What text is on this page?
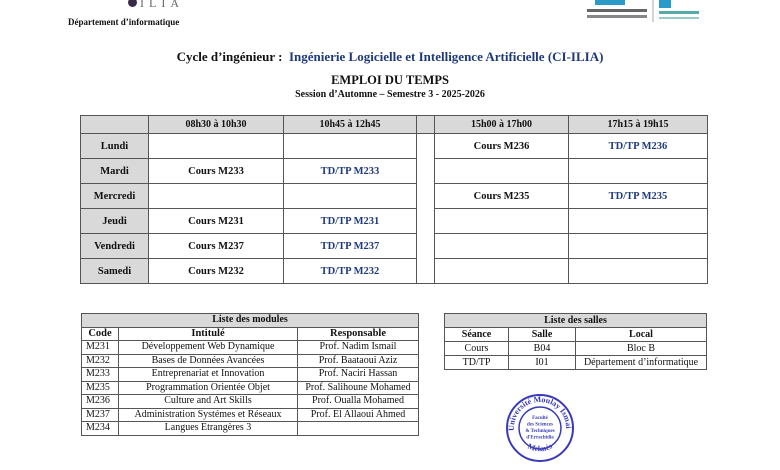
ILIA
Département d’informatique
Cycle d’ingénieur : Ingénierie Logicielle et Intelligence Artificielle (CI-ILIA)
EMPLOI DU TEMPS
Session d’Automne – Semestre 3 - 2025-2026
	08h30 à 10h30	10h45 à 12h45		15h00 à 17h00	17h15 à 19h15
Lundi				Cours M236	TD/TP M236
Mardi	Cours M233	TD/TP M233			
Mercredi				Cours M235	TD/TP M235
Jeudi	Cours M231	TD/TP M231			
Vendredi	Cours M237	TD/TP M237			
Samedi	Cours M232	TD/TP M232			
Liste des modules		
Code	Intitulé	Responsable
M231	Développement Web Dynamique	Prof. Nadim Ismail
M232	Bases de Données Avancées	Prof. Baataoui Aziz
M233	Entreprenariat et Innovation	Prof. Naciri Hassan
M235	Programmation Orientée Objet	Prof. Salihoune Mohamed
M236	Culture and Art Skills	Prof. Oualla Mohamed
M237	Administration Systémes et Réseaux	Prof. El Allaoui Ahmed
M234	Langues Etrangères 3	
Liste des salles		
Séance	Salle	Local
Cours	B04	Bloc B
TD/TP	I01	Département d’informatique
Université Moulay Ismai
Meknès
Faculté
des Sciences
& Techniques
d'Errachidia
